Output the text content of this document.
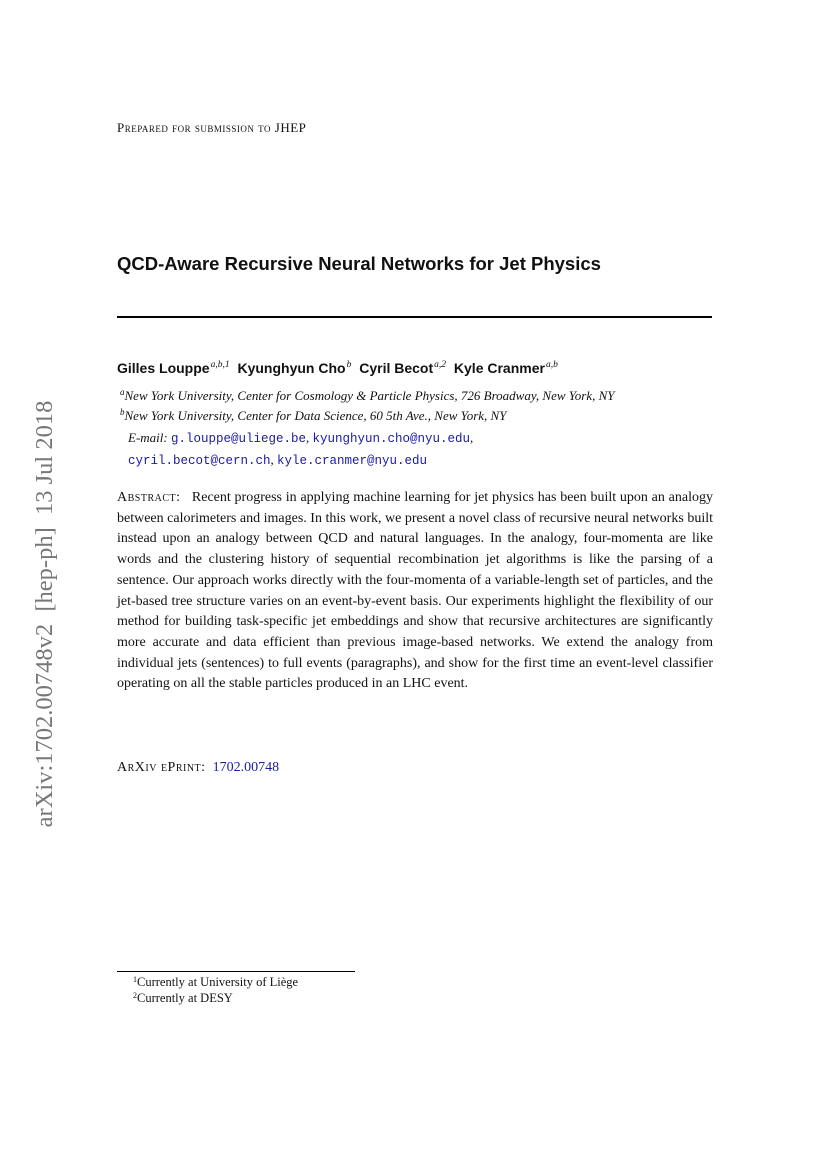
Prepared for submission to JHEP
QCD-Aware Recursive Neural Networks for Jet Physics
Gilles Louppe$^{a,b,1}$ Kyunghyun Cho$^b$ Cyril Becot$^{a,2}$ Kyle Cranmer$^{a,b}$
$^a$New York University, Center for Cosmology & Particle Physics, 726 Broadway, New York, NY
$^b$New York University, Center for Data Science, 60 5th Ave., New York, NY
E-mail: g.louppe@uliege.be, kyunghyun.cho@nyu.edu,
cyril.becot@cern.ch, kyle.cranmer@nyu.edu
Abstract: Recent progress in applying machine learning for jet physics has been built upon an analogy between calorimeters and images. In this work, we present a novel class of recursive neural networks built instead upon an analogy between QCD and natural languages. In the analogy, four-momenta are like words and the clustering history of sequential recombination jet algorithms is like the parsing of a sentence. Our approach works directly with the four-momenta of a variable-length set of particles, and the jet-based tree structure varies on an event-by-event basis. Our experiments highlight the flexibility of our method for building task-specific jet embeddings and show that recursive architectures are significantly more accurate and data efficient than previous image-based networks. We extend the analogy from individual jets (sentences) to full events (paragraphs), and show for the first time an event-level classifier operating on all the stable particles produced in an LHC event.
ArXiv ePrint: 1702.00748
$^1$Currently at University of Liège
$^2$Currently at DESY
arXiv:1702.00748v2  [hep-ph]  13 Jul 2018
